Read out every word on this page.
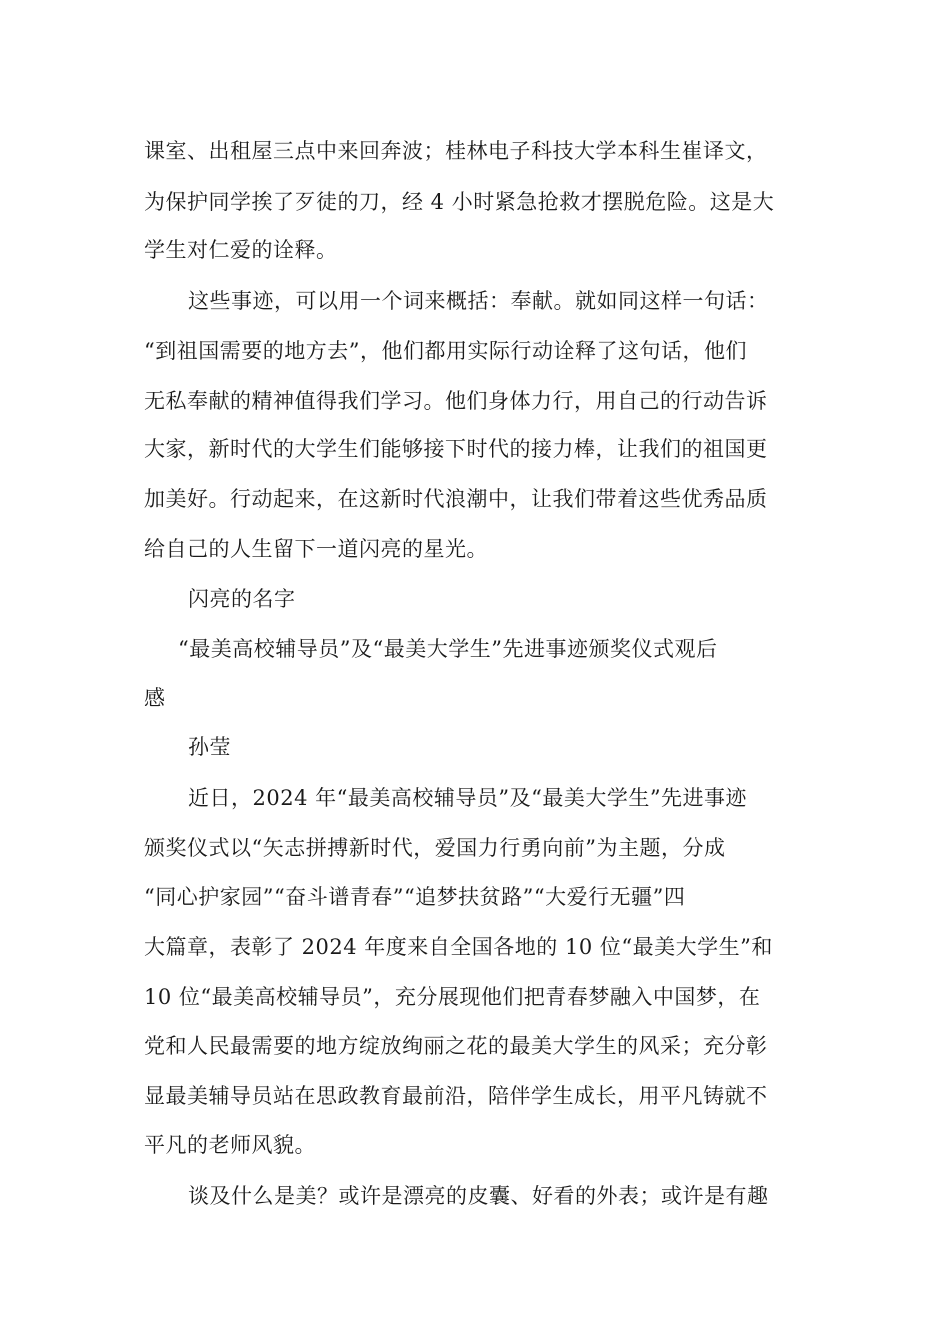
课室、出租屋三点中来回奔波；桂林电子科技大学本科生崔译文，
为保护同学挨了歹徒的刀，经 4 小时紧急抢救才摆脱危险。这是大
学生对仁爱的诠释。
这些事迹，可以用一个词来概括：奉献。就如同这样一句话：
“到祖国需要的地方去”，他们都用实际行动诠释了这句话，他们
无私奉献的精神值得我们学习。他们身体力行，用自己的行动告诉
大家，新时代的大学生们能够接下时代的接力棒，让我们的祖国更
加美好。行动起来，在这新时代浪潮中，让我们带着这些优秀品质
给自己的人生留下一道闪亮的星光。
闪亮的名字
“最美高校辅导员”及“最美大学生”先进事迹颁奖仪式观后
感
孙莹
近日，2024 年“最美高校辅导员”及“最美大学生”先进事迹
颁奖仪式以“矢志拼搏新时代，爱国力行勇向前”为主题，分成
“同心护家园”“奋斗谱青春”“追梦扶贫路”“大爱行无疆”四
大篇章，表彰了 2024 年度来自全国各地的 10 位“最美大学生”和
10 位“最美高校辅导员”，充分展现他们把青春梦融入中国梦，在
党和人民最需要的地方绽放绚丽之花的最美大学生的风采；充分彰
显最美辅导员站在思政教育最前沿，陪伴学生成长，用平凡铸就不
平凡的老师风貌。
谈及什么是美？或许是漂亮的皮囊、好看的外表；或许是有趣
